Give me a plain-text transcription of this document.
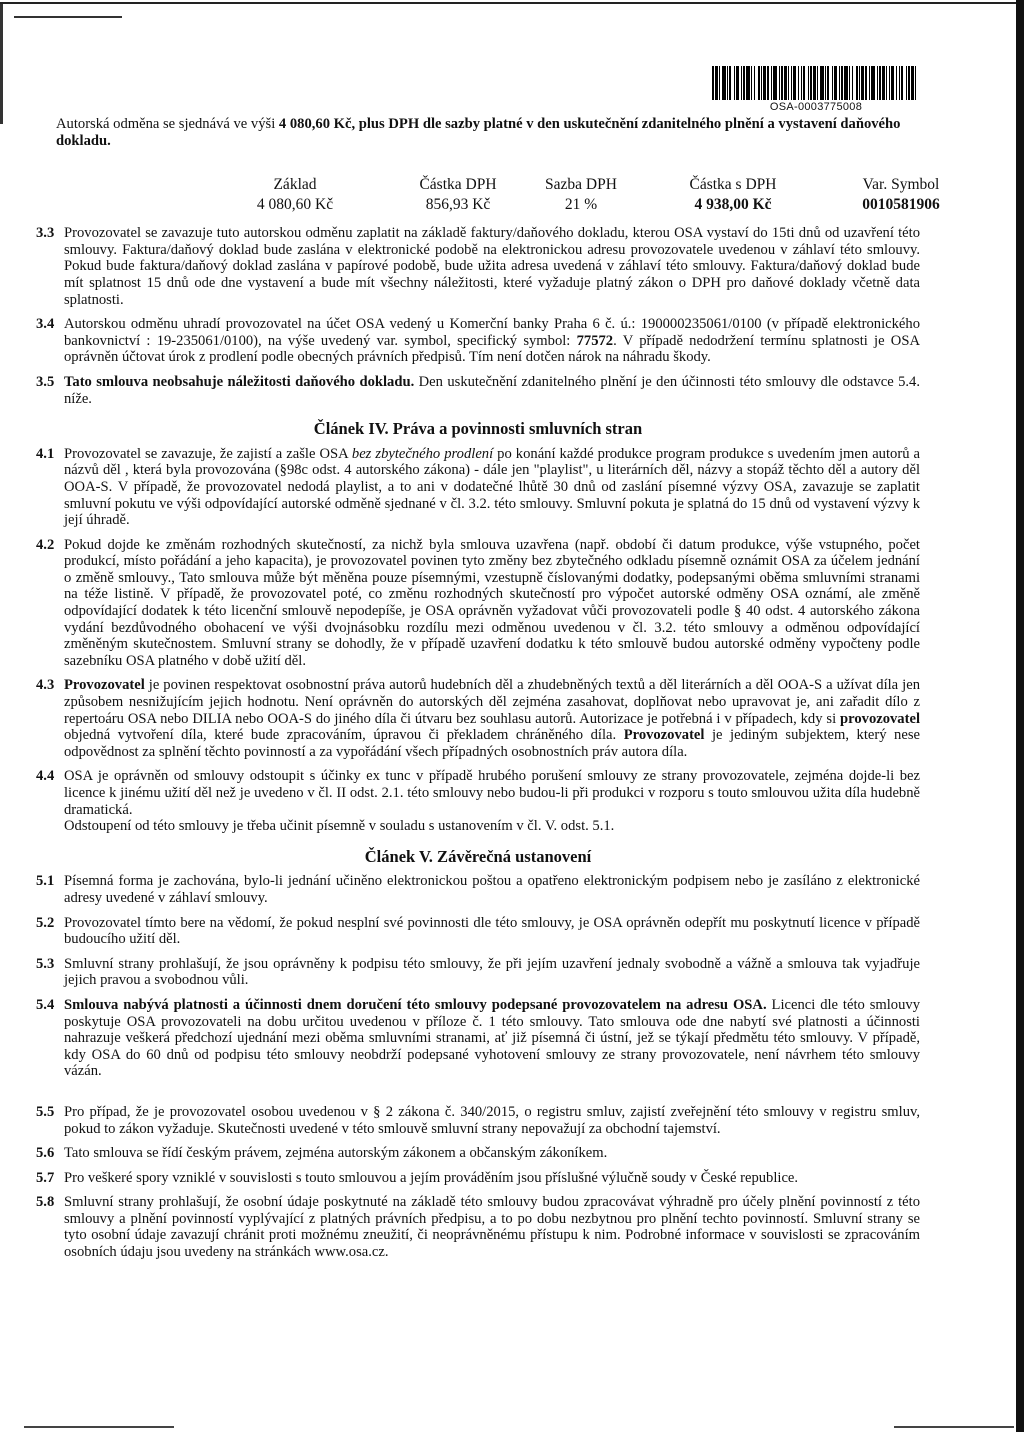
OSA-0003775008

Autorská odměna se sjednává ve výši 4 080,60 Kč, plus DPH dle sazby platné v den uskutečnění zdanitelného plnění a vystavení daňového dokladu.

Základ	Částka DPH	Sazba DPH	Částka s DPH	Var. Symbol
4 080,60 Kč	856,93 Kč	21 %	4 938,00 Kč	0010581906
3.3 Provozovatel se zavazuje tuto autorskou odměnu zaplatit na základě faktury/daňového dokladu, kterou OSA vystaví do 15ti dnů od uzavření této smlouvy. Faktura/daňový doklad bude zaslána v elektronické podobě na elektronickou adresu provozovatele uvedenou v záhlaví této smlouvy. Pokud bude faktura/daňový doklad zaslána v papírové podobě, bude užita adresa uvedená v záhlaví této smlouvy. Faktura/daňový doklad bude mít splatnost 15 dnů ode dne vystavení a bude mít všechny náležitosti, které vyžaduje platný zákon o DPH pro daňové doklady včetně data splatnosti.
3.4 Autorskou odměnu uhradí provozovatel na účet OSA vedený u Komerční banky Praha 6 č. ú.: 190000235061/0100 (v případě elektronického bankovnictví : 19-235061/0100), na výše uvedený var. symbol, specifický symbol: 77572. V případě nedodržení termínu splatnosti je OSA oprávněn účtovat úrok z prodlení podle obecných právních předpisů. Tím není dotčen nárok na náhradu škody.
3.5 Tato smlouva neobsahuje náležitosti daňového dokladu. Den uskutečnění zdanitelného plnění je den účinnosti této smlouvy dle odstavce 5.4. níže.
Článek IV. Práva a povinnosti smluvních stran
4.1 Provozovatel se zavazuje, že zajistí a zašle OSA bez zbytečného prodlení po konání každé produkce program produkce s uvedením jmen autorů a názvů děl , která byla provozována (§98c odst. 4 autorského zákona) - dále jen "playlist", u literárních děl, názvy a stopáž těchto děl a autory děl OOA-S. V případě, že provozovatel nedodá playlist, a to ani v dodatečné lhůtě 30 dnů od zaslání písemné výzvy OSA, zavazuje se zaplatit smluvní pokutu ve výši odpovídající autorské odměně sjednané v čl. 3.2. této smlouvy. Smluvní pokuta je splatná do 15 dnů od vystavení výzvy k její úhradě.
4.2 Pokud dojde ke změnám rozhodných skutečností, za nichž byla smlouva uzavřena (např. období či datum produkce, výše vstupného, počet produkcí, místo pořádání a jeho kapacita), je provozovatel povinen tyto změny bez zbytečného odkladu písemně oznámit OSA za účelem jednání o změně smlouvy., Tato smlouva může být měněna pouze písemnými, vzestupně číslovanými dodatky, podepsanými oběma smluvními stranami na téže listině. V případě, že provozovatel poté, co změnu rozhodných skutečností pro výpočet autorské odměny OSA oznámí, ale změně odpovídající dodatek k této licenční smlouvě nepodepíše, je OSA oprávněn vyžadovat vůči provozovateli podle § 40 odst. 4 autorského zákona vydání bezdůvodného obohacení ve výši dvojnásobku rozdílu mezi odměnou uvedenou v čl. 3.2. této smlouvy a odměnou odpovídající změněným skutečnostem. Smluvní strany se dohodly, že v případě uzavření dodatku k této smlouvě budou autorské odměny vypočteny podle sazebníku OSA platného v době užití děl.
4.3 Provozovatel je povinen respektovat osobnostní práva autorů hudebních děl a zhudebněných textů a děl literárních a děl OOA-S a užívat díla jen způsobem nesnižujícím jejich hodnotu. Není oprávněn do autorských děl zejména zasahovat, doplňovat nebo upravovat je, ani zařadit dílo z repertoáru OSA nebo DILIA nebo OOA-S do jiného díla či útvaru bez souhlasu autorů. Autorizace je potřebná i v případech, kdy si provozovatel objedná vytvoření díla, které bude zpracováním, úpravou či překladem chráněného díla. Provozovatel je jediným subjektem, který nese odpovědnost za splnění těchto povinností a za vypořádání všech případných osobnostních práv autora díla.
4.4 OSA je oprávněn od smlouvy odstoupit s účinky ex tunc v případě hrubého porušení smlouvy ze strany provozovatele, zejména dojde-li bez licence k jinému užití děl než je uvedeno v čl. II odst. 2.1. této smlouvy nebo budou-li při produkci v rozporu s touto smlouvou užita díla hudebně dramatická.

Odstoupení od této smlouvy je třeba učinit písemně v souladu s ustanovením v čl. V. odst. 5.1.

Článek V. Závěrečná ustanovení
5.1 Písemná forma je zachována, bylo-li jednání učiněno elektronickou poštou a opatřeno elektronickým podpisem nebo je zasíláno z elektronické adresy uvedené v záhlaví smlouvy.
5.2 Provozovatel tímto bere na vědomí, že pokud nesplní své povinnosti dle této smlouvy, je OSA oprávněn odepřít mu poskytnutí licence v případě budoucího užití děl.
5.3 Smluvní strany prohlašují, že jsou oprávněny k podpisu této smlouvy, že při jejím uzavření jednaly svobodně a vážně a smlouva tak vyjadřuje jejich pravou a svobodnou vůli.
5.4 Smlouva nabývá platnosti a účinnosti dnem doručení této smlouvy podepsané provozovatelem na adresu OSA. Licenci dle této smlouvy poskytuje OSA provozovateli na dobu určitou uvedenou v příloze č. 1 této smlouvy. Tato smlouva ode dne nabytí své platnosti a účinnosti nahrazuje veškerá předchozí ujednání mezi oběma smluvními stranami, ať již písemná či ústní, jež se týkají předmětu této smlouvy. V případě, kdy OSA do 60 dnů od podpisu této smlouvy neobdrží podepsané vyhotovení smlouvy ze strany provozovatele, není návrhem této smlouvy vázán.
5.5 Pro případ, že je provozovatel osobou uvedenou v § 2 zákona č. 340/2015, o registru smluv, zajistí zveřejnění této smlouvy v registru smluv, pokud to zákon vyžaduje. Skutečnosti uvedené v této smlouvě smluvní strany nepovažují za obchodní tajemství.
5.6 Tato smlouva se řídí českým právem, zejména autorským zákonem a občanským zákoníkem.
5.7 Pro veškeré spory vzniklé v souvislosti s touto smlouvou a jejím prováděním jsou příslušné výlučně soudy v České republice.
5.8 Smluvní strany prohlašují, že osobní údaje poskytnuté na základě této smlouvy budou zpracovávat výhradně pro účely plnění povinností z této smlouvy a plnění povinností vyplývající z platných právních předpisu, a to po dobu nezbytnou pro plnění techto povinností. Smluvní strany se tyto osobní údaje zavazují chránit proti možnému zneužití, či neoprávněnému přístupu k nim. Podrobné informace v souvislosti se zpracováním osobních údaju jsou uvedeny na stránkách www.osa.cz.
